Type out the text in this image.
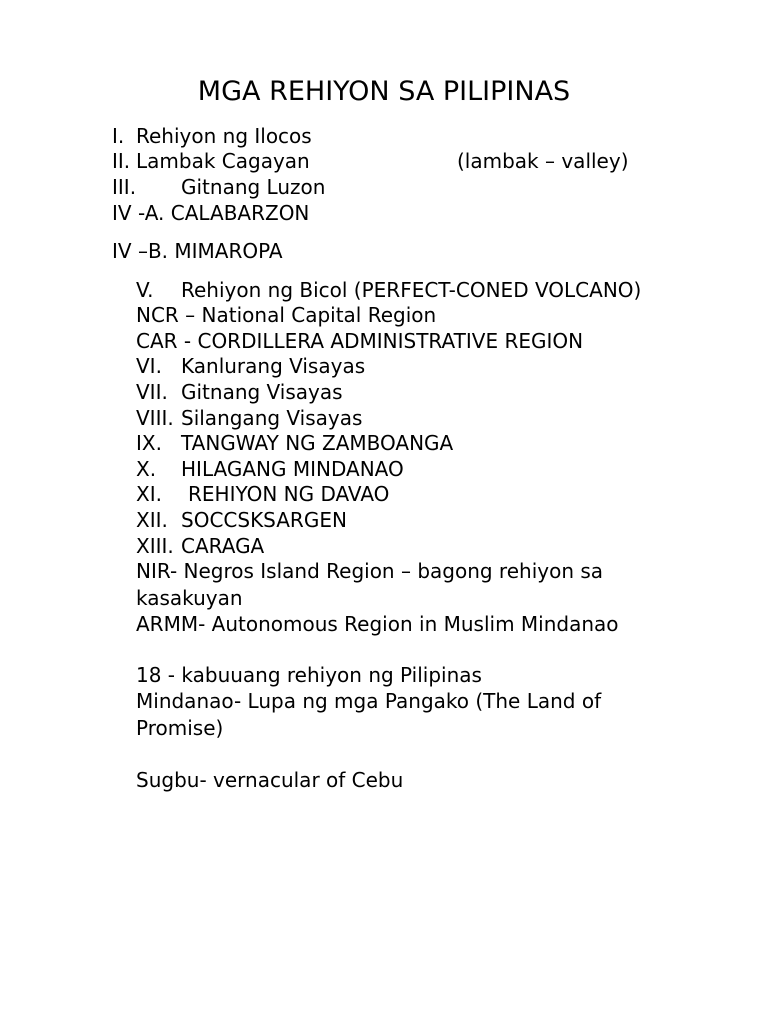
MGA REHIYON SA PILIPINAS
I. Rehiyon ng Ilocos
II. Lambak Cagayan	(lambak – valley)
III. Gitnang Luzon
IV -A. CALABARZON
IV –B. MIMAROPA
V. Rehiyon ng Bicol (PERFECT-CONED VOLCANO)
NCR – National Capital Region
CAR - CORDILLERA ADMINISTRATIVE REGION
VI. Kanlurang Visayas
VII. Gitnang Visayas
VIII. Silangang Visayas
IX. TANGWAY NG ZAMBOANGA
X. HILAGANG MINDANAO
XI. REHIYON NG DAVAO
XII. SOCCSKSARGEN
XIII. CARAGA
NIR- Negros Island Region – bagong rehiyon sa
kasakuyan
ARMM- Autonomous Region in Muslim Mindanao
18 - kabuuang rehiyon ng Pilipinas
Mindanao- Lupa ng mga Pangako (The Land of
Promise)
Sugbu- vernacular of Cebu
